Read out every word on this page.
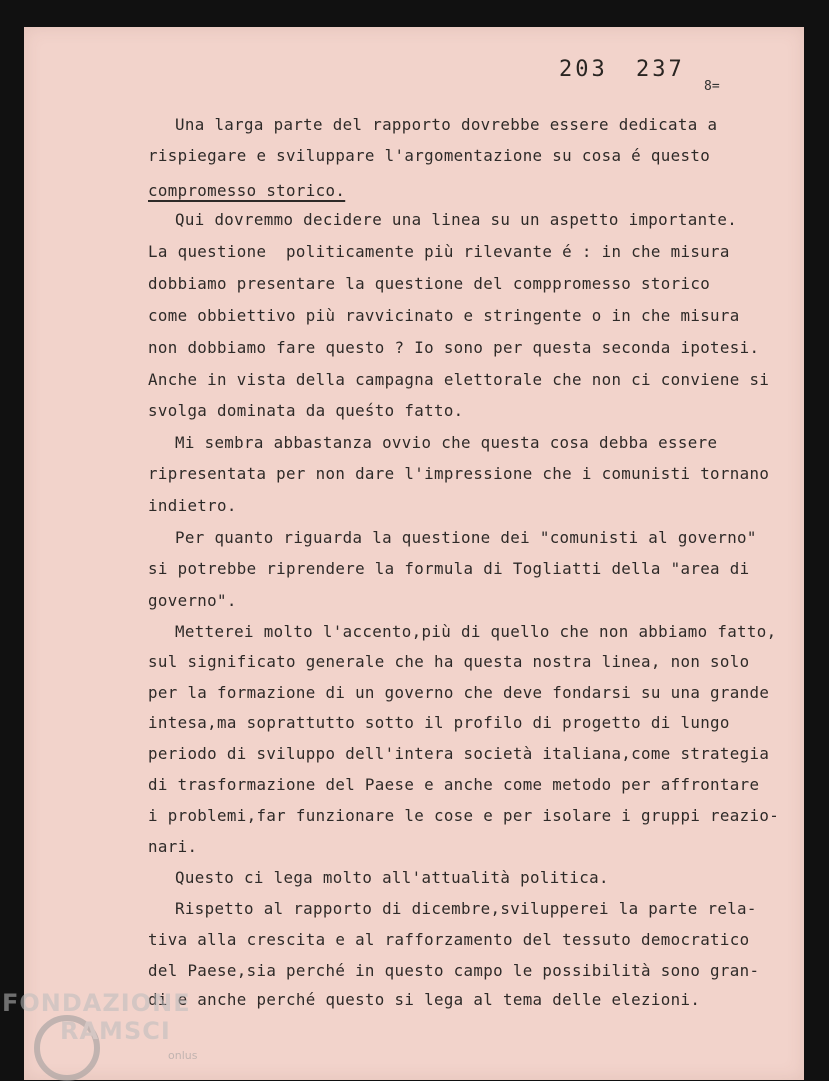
203 237
8=
Una larga parte del rapporto dovrebbe essere dedicata a
rispiegare e sviluppare l'argomentazione su cosa é questo
compromesso storico.
Qui dovremmo decidere una linea su un aspetto importante.
La questione  politicamente più rilevante é : in che misura
dobbiamo presentare la questione del comppromesso storico
come obbiettivo più ravvicinato e stringente o in che misura
non dobbiamo fare questo ? Io sono per questa seconda ipotesi.
Anche in vista della campagna elettorale che non ci conviene si
svolga dominata da queśto fatto.
Mi sembra abbastanza ovvio che questa cosa debba essere
ripresentata per non dare l'impressione che i comunisti tornano
indietro.
Per quanto riguarda la questione dei "comunisti al governo"
si potrebbe riprendere la formula di Togliatti della "area di
governo".
Metterei molto l'accento,più di quello che non abbiamo fatto,
sul significato generale che ha questa nostra linea, non solo
per la formazione di un governo che deve fondarsi su una grande
intesa,ma soprattutto sotto il profilo di progetto di lungo
periodo di sviluppo dell'intera società italiana,come strategia
di trasformazione del Paese e anche come metodo per affrontare
i problemi,far funzionare le cose e per isolare i gruppi reazio-
nari.
Questo ci lega molto all'attualità politica.
Rispetto al rapporto di dicembre,svilupperei la parte rela-
tiva alla crescita e al rafforzamento del tessuto democratico
del Paese,sia perché in questo campo le possibilità sono gran-
di e anche perché questo si lega al tema delle elezioni.
FONDAZIONE
RAMSCI
onlus
